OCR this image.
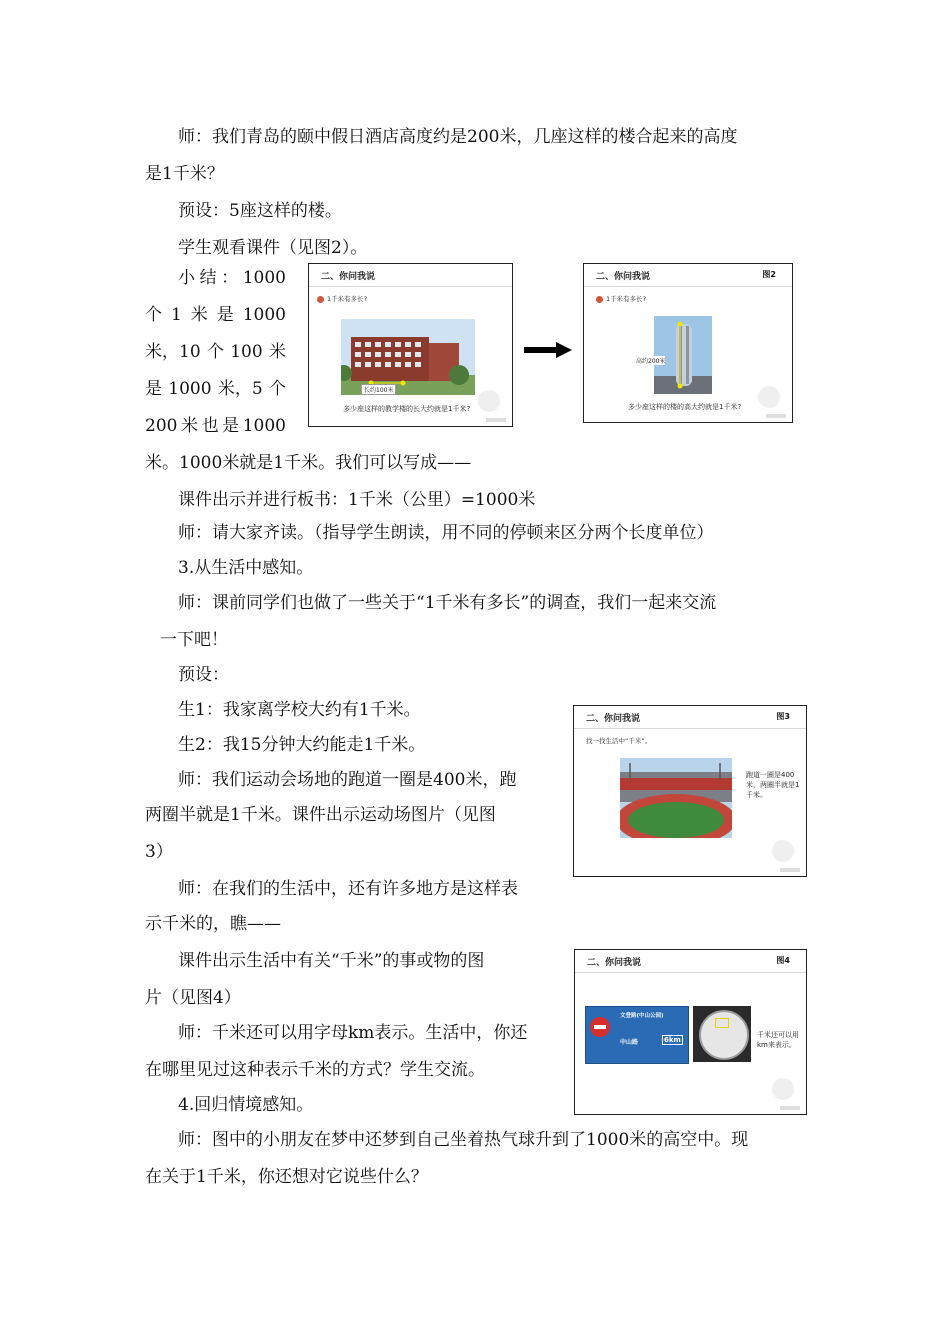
师：我们青岛的颐中假日酒店高度约是200米，几座这样的楼合起来的高度
是1千米？
预设：5座这样的楼。
学生观看课件（见图2）。
小 结 ： 1000
个 1 米 是 1000
米，10 个 100 米
是 1000 米，5 个
200 米 也 是 1000
米。1000米就是1千米。我们可以写成——
课件出示并进行板书：1千米（公里）=1000米
师：请大家齐读。（指导学生朗读，用不同的停顿来区分两个长度单位）
3.从生活中感知。
师：课前同学们也做了一些关于“1千米有多长”的调查，我们一起来交流
一下吧！
预设：
生1：我家离学校大约有1千米。
生2：我15分钟大约能走1千米。
师：我们运动会场地的跑道一圈是400米，跑
两圈半就是1千米。课件出示运动场图片（见图
3）
师：在我们的生活中，还有许多地方是这样表
示千米的，瞧——
课件出示生活中有关“千米”的事或物的图
片（见图4）
师：千米还可以用字母km表示。生活中，你还
在哪里见过这种表示千米的方式？学生交流。
4.回归情境感知。
师：图中的小朋友在梦中还梦到自己坐着热气球升到了1000米的高空中。现
在关于1千米，你还想对它说些什么？
二、你问我说
1千米有多长?
长约100米
多少座这样的教学楼的长大约就是1千米?
二、你问我说	图2
1千米有多长?
高约200米
多少座这样的楼的高大约就是1千米?
二、你问我说	图3
找一找生活中“千米”。
跑道一圈是400米，两圈半就是1千米。
二、你问我说	图4
文登路(中山公园)
中山路	6km
千米还可以用km来表示。
